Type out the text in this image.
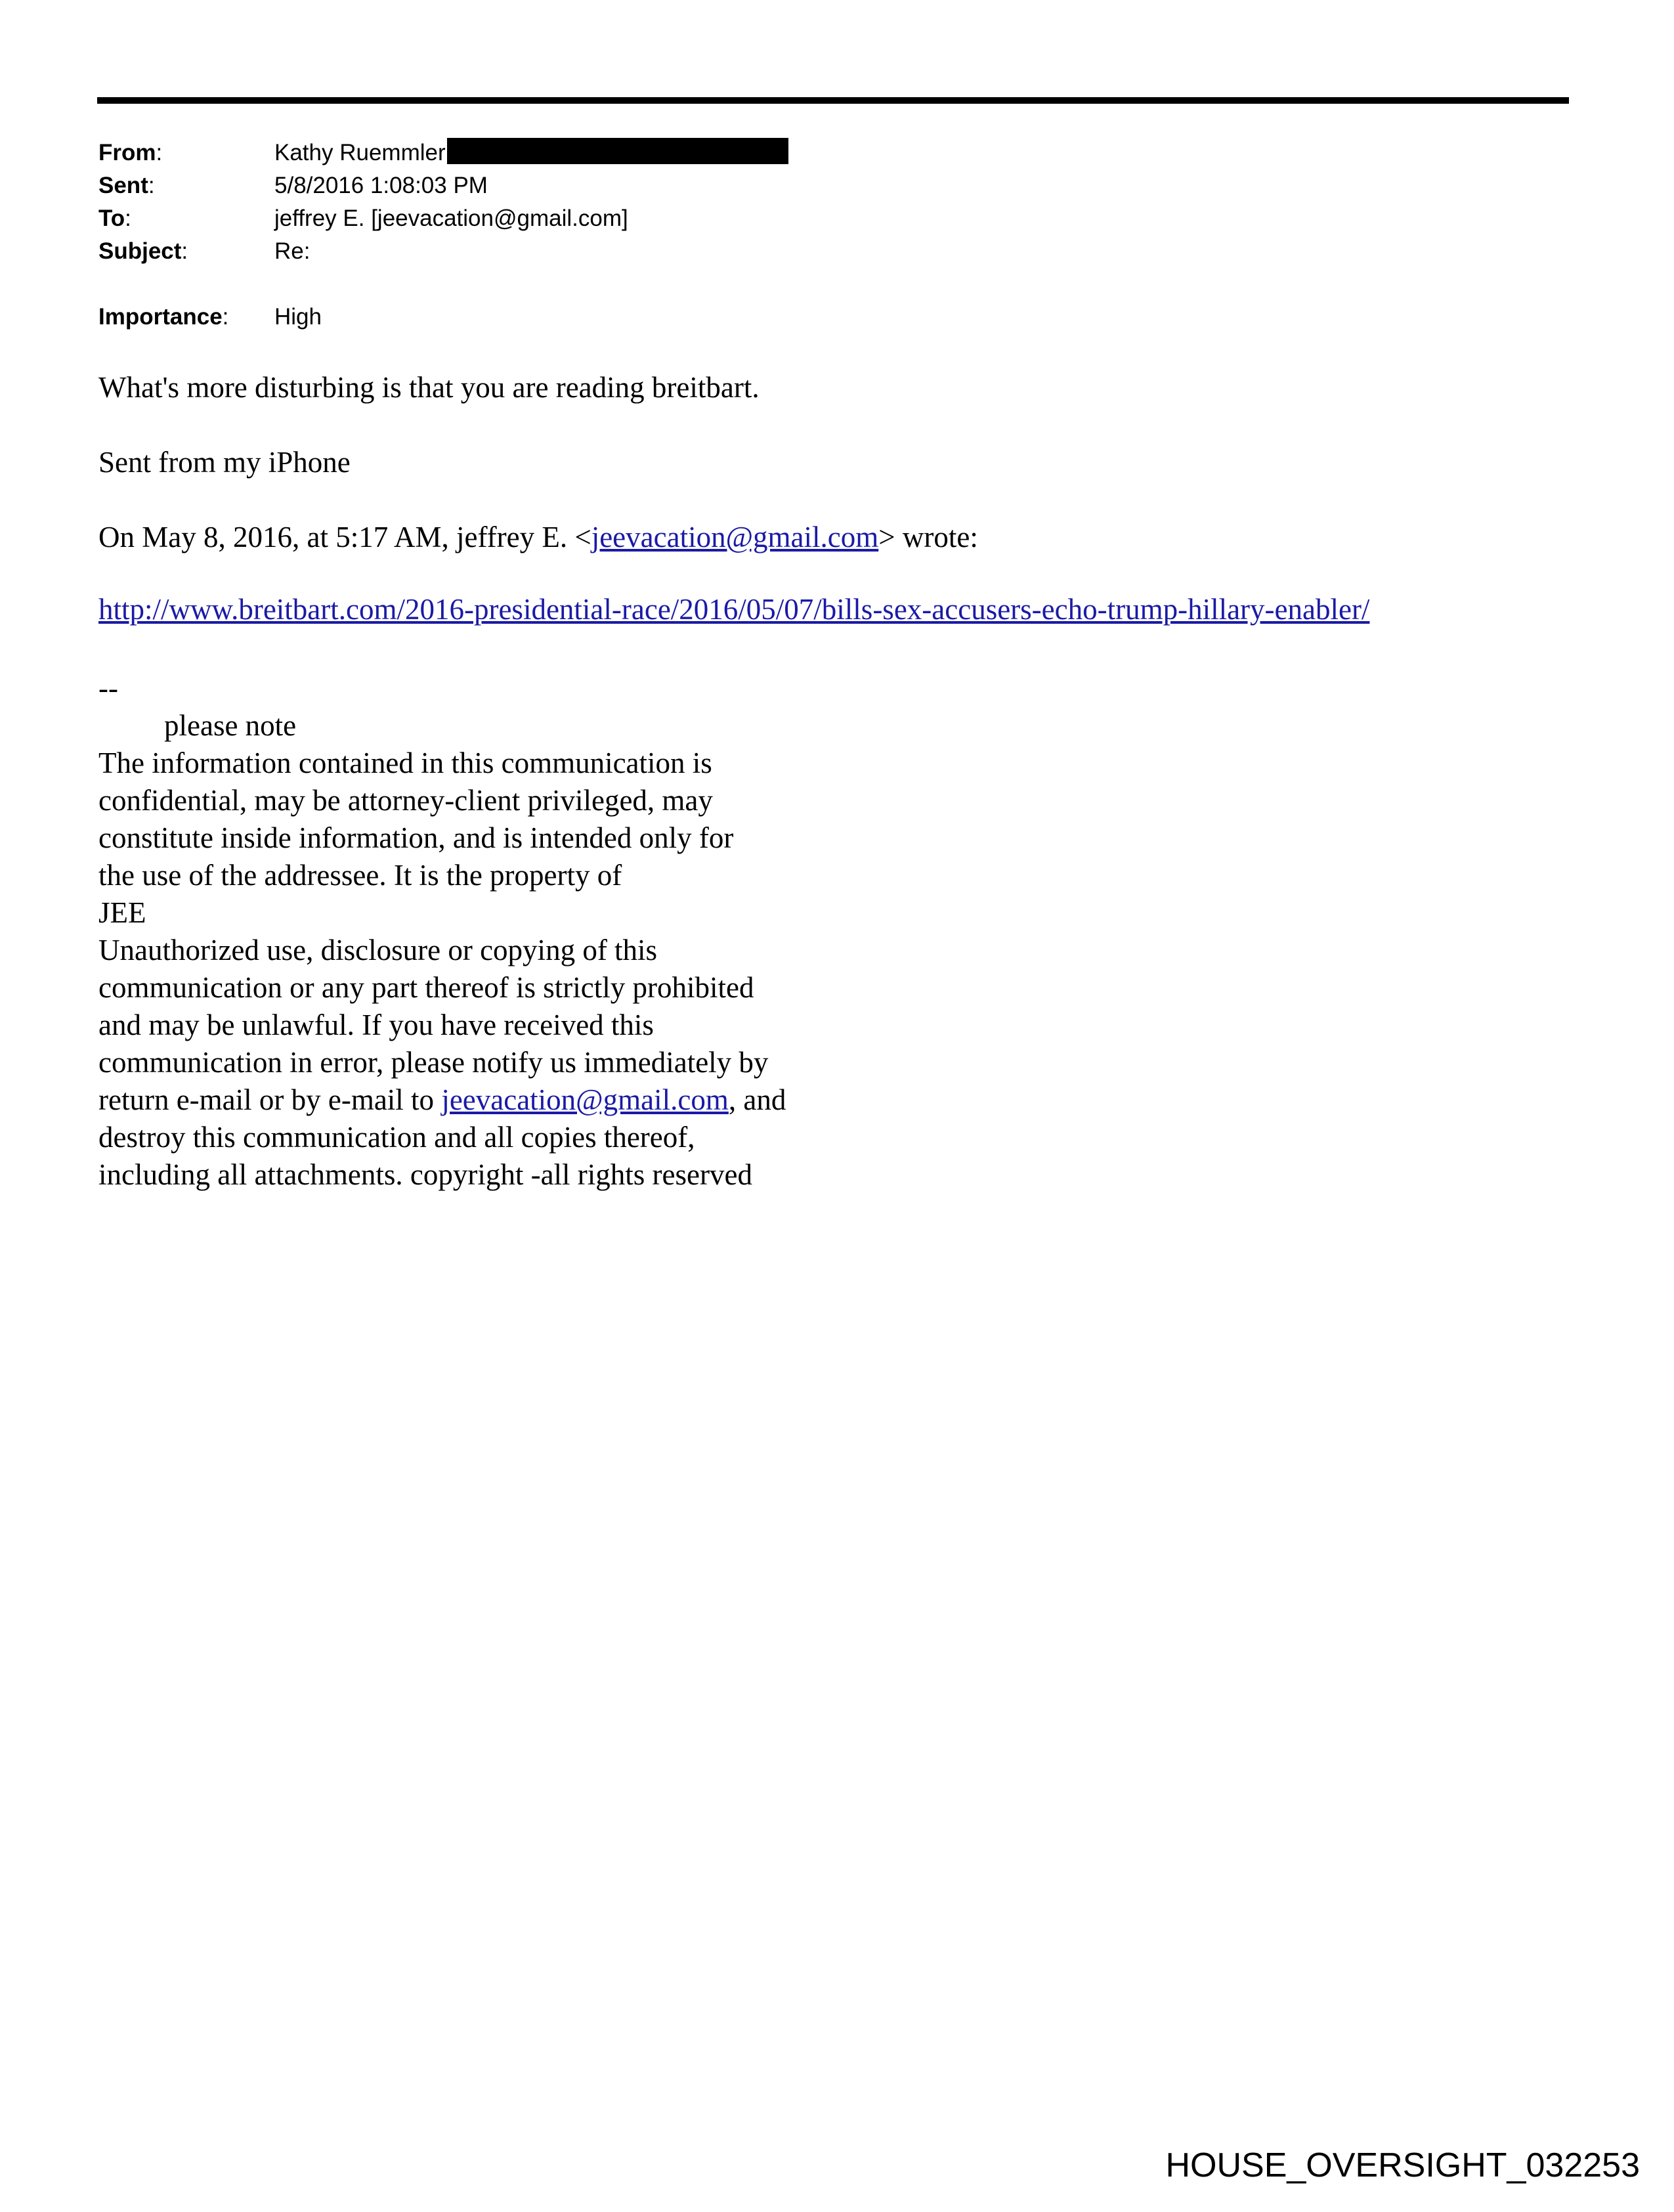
From:	Kathy Ruemmler
Sent:	5/8/2016 1:08:03 PM
To:	jeffrey E. [jeevacation@gmail.com]
Subject:	Re:
Importance: High
What's more disturbing is that you are reading breitbart.
Sent from my iPhone
On May 8, 2016, at 5:17 AM, jeffrey E. <jeevacation@gmail.com> wrote:
http://www.breitbart.com/2016-presidential-race/2016/05/07/bills-sex-accusers-echo-trump-hillary-enabler/
--
please note
The information contained in this communication is
confidential, may be attorney-client privileged, may
constitute inside information, and is intended only for
the use of the addressee. It is the property of
JEE
Unauthorized use, disclosure or copying of this
communication or any part thereof is strictly prohibited
and may be unlawful. If you have received this
communication in error, please notify us immediately by
return e-mail or by e-mail to jeevacation@gmail.com, and
destroy this communication and all copies thereof,
including all attachments. copyright -all rights reserved
HOUSE_OVERSIGHT_032253
